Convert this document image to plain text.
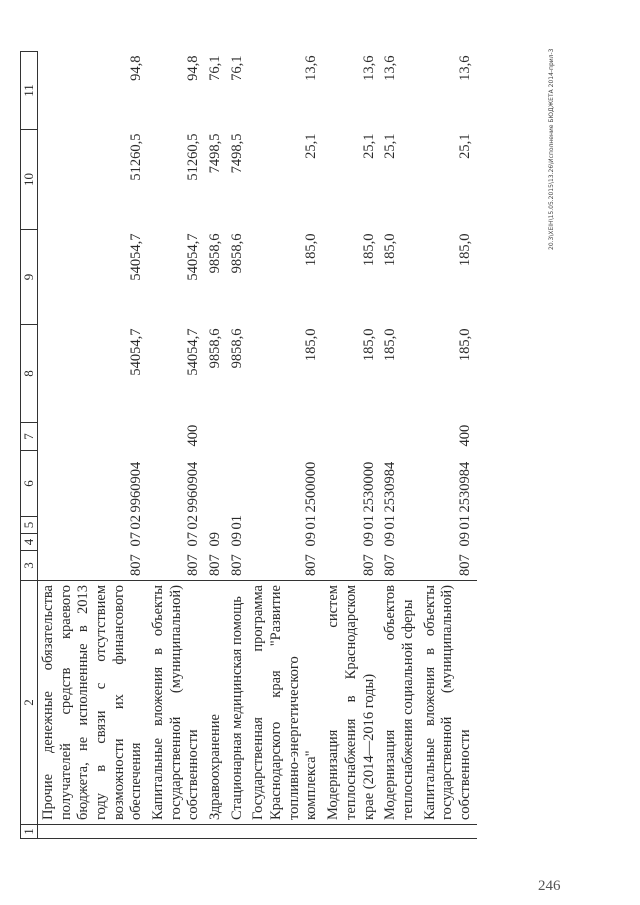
1	2	3	4	5	6	7	8	9	10	11
	Прочие денежные обязательства получателей средств краевого бюджета, не исполненные в 2013 году в связи с отсутствием возможности их финансового обеспечения	807	07	02	9960904		54054,7	54054,7	51260,5	94,8
	Капитальные вложения в объекты государственной (муниципальной) собственности	807	07	02	9960904	400	54054,7	54054,7	51260,5	94,8
	Здравоохранение	807	09				9858,6	9858,6	7498,5	76,1
	Стационарная медицинская помощь	807	09	01			9858,6	9858,6	7498,5	76,1
	Государственная программа Краснодарского края "Развитие топливно-энергетического комплекса"	807	09	01	2500000		185,0	185,0	25,1	13,6
	Модернизация систем теплоснабжения в Краснодарском крае (2014—2016 годы)	807	09	01	2530000		185,0	185,0	25,1	13,6
	Модернизация объектов теплоснабжения социальной сферы	807	09	01	2530984		185,0	185,0	25,1	13,6
	Капитальные вложения в объекты государственной (муниципальной) собственности	807	09	01	2530984	400	185,0	185,0	25,1	13,6	20.3\XEIH\15.05.2015\13.26\Исполнение БЮДЖЕТА 2014-прил-3
246
